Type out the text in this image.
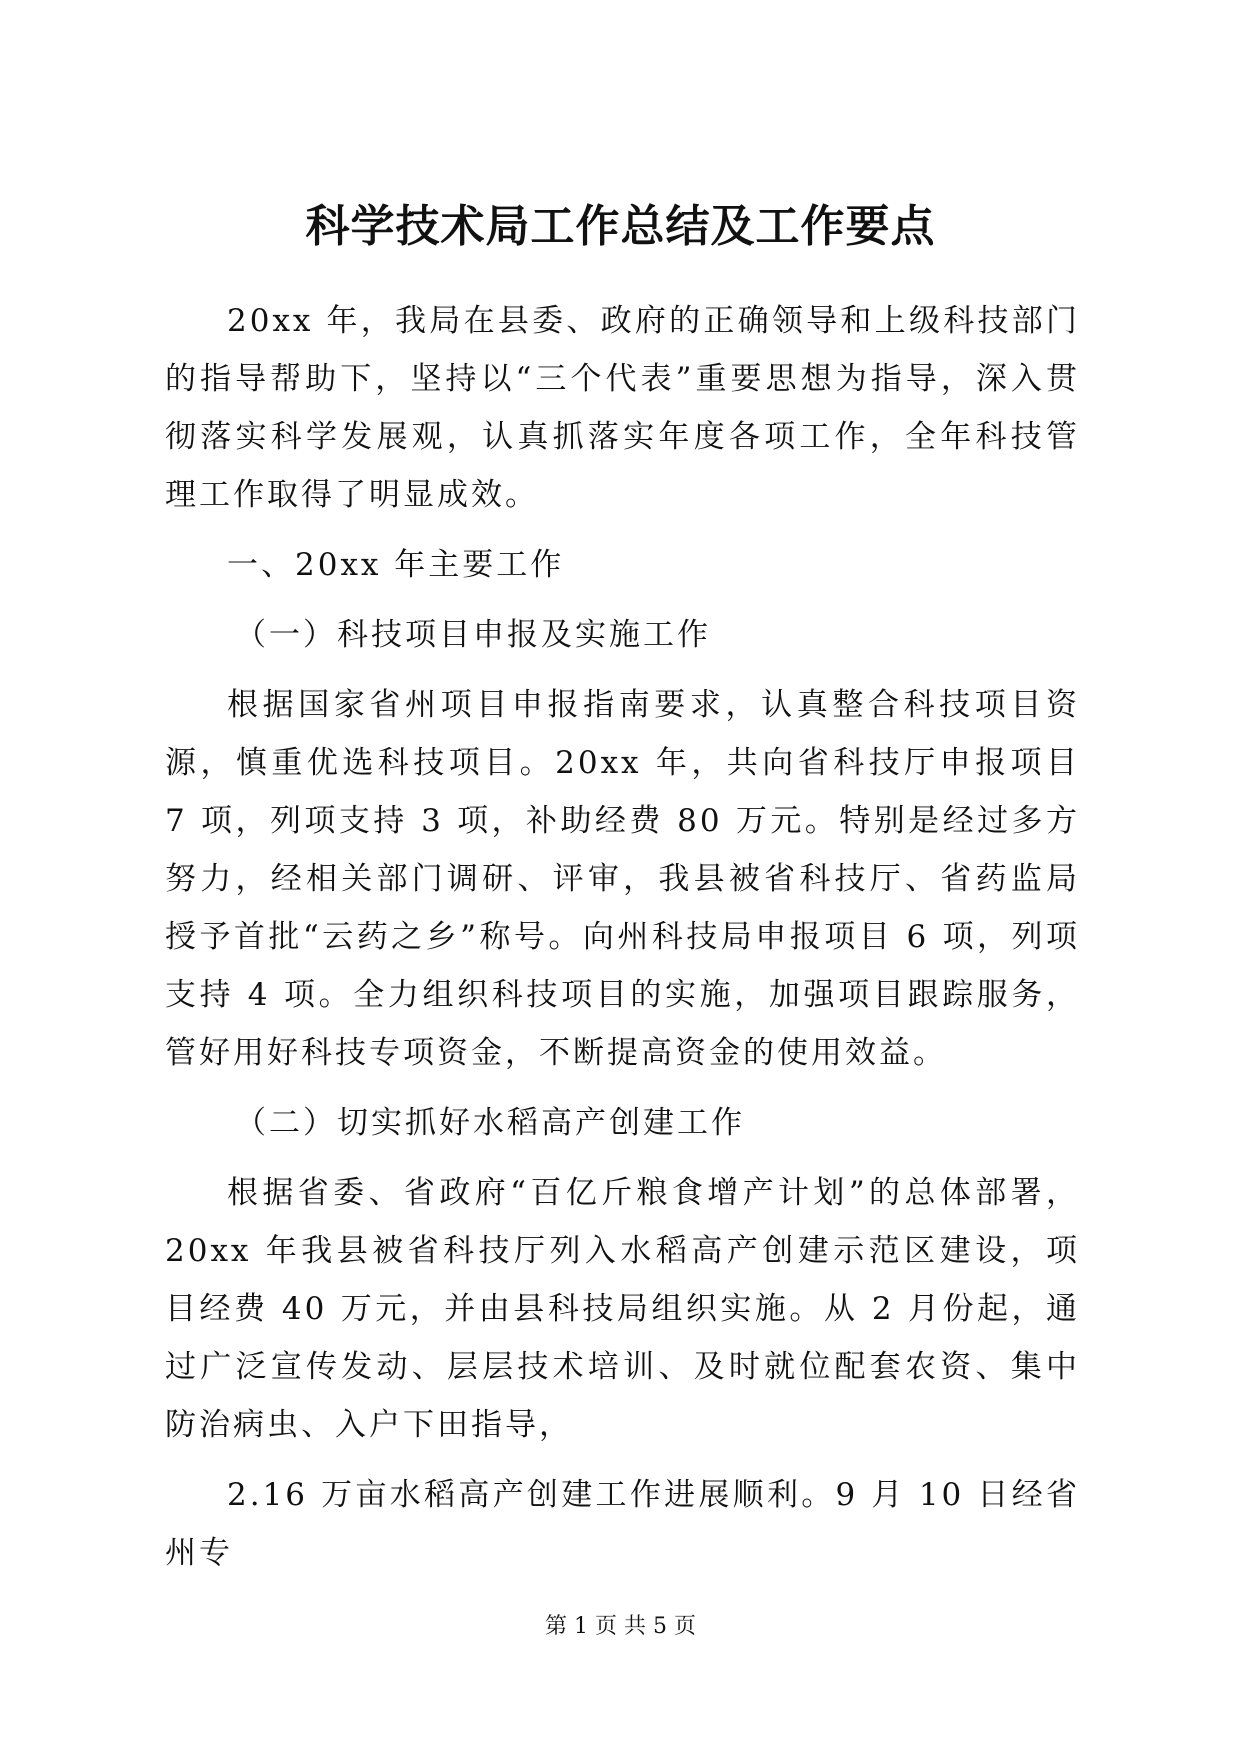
科学技术局工作总结及工作要点

20xx 年，我局在县委、政府的正确领导和上级科技部门的指导帮助下，坚持以“三个代表”重要思想为指导，深入贯彻落实科学发展观，认真抓落实年度各项工作，全年科技管理工作取得了明显成效。

一、20xx 年主要工作

（一）科技项目申报及实施工作

根据国家省州项目申报指南要求，认真整合科技项目资源，慎重优选科技项目。20xx 年，共向省科技厅申报项目 7 项，列项支持 3 项，补助经费 80 万元。特别是经过多方努力，经相关部门调研、评审，我县被省科技厅、省药监局授予首批“云药之乡”称号。向州科技局申报项目 6 项，列项支持 4 项。全力组织科技项目的实施，加强项目跟踪服务，管好用好科技专项资金，不断提高资金的使用效益。

（二）切实抓好水稻高产创建工作

根据省委、省政府“百亿斤粮食增产计划”的总体部署，20xx 年我县被省科技厅列入水稻高产创建示范区建设，项目经费 40 万元，并由县科技局组织实施。从 2 月份起，通过广泛宣传发动、层层技术培训、及时就位配套农资、集中防治病虫、入户下田指导，

2.16 万亩水稻高产创建工作进展顺利。9 月 10 日经省州专

第 1 页 共 5 页
